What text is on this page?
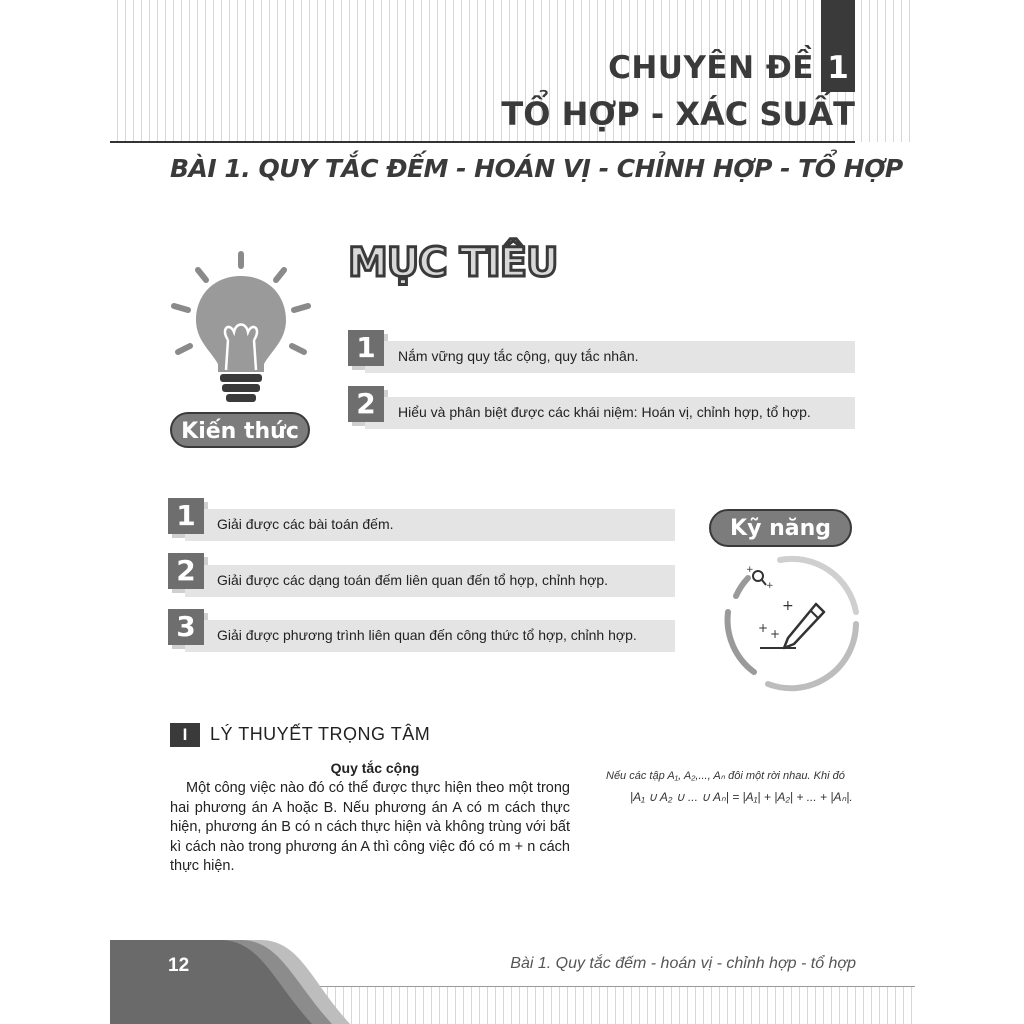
CHUYÊN ĐỀ 1
TỔ HỢP - XÁC SUẤT
BÀI 1. QUY TẮC ĐẾM - HOÁN VỊ - CHỈNH HỢP - TỔ HỢP
Kiến thức
MỤC TIÊU
1	Nắm vững quy tắc cộng, quy tắc nhân.
2	Hiểu và phân biệt được các khái niệm: Hoán vị, chỉnh hợp, tổ hợp.
1	Giải được các bài toán đếm.
2	Giải được các dạng toán đếm liên quan đến tổ hợp, chỉnh hợp.
3	Giải được phương trình liên quan đến công thức tổ hợp, chỉnh hợp.
Kỹ năng
+
+
+
+ +
I	LÝ THUYẾT TRỌNG TÂM
Quy tắc cộng

Một công việc nào đó có thể được thực hiện theo một trong hai phương án A hoặc B. Nếu phương án A có m cách thực hiện, phương án B có n cách thực hiện và không trùng với bất kì cách nào trong phương án A thì công việc đó có m + n cách thực hiện.

Nếu các tập A₁, A₂,..., Aₙ đôi một rời nhau. Khi đó
|A₁ ∪ A₂ ∪ ... ∪ Aₙ| = |A₁| + |A₂| + ... + |Aₙ|.
12	Bài 1. Quy tắc đếm - hoán vị - chỉnh hợp - tổ hợp
